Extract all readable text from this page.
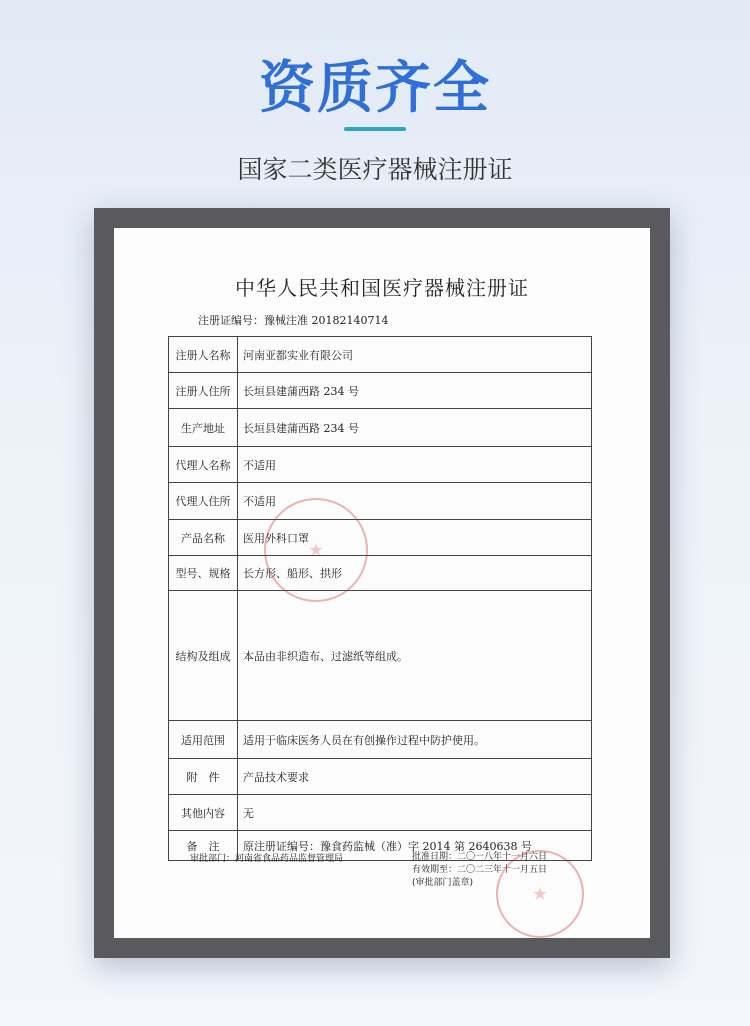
资质齐全
国家二类医疗器械注册证
中华人民共和国医疗器械注册证
注册证编号：豫械注准 20182140714
注册人名称	河南亚都实业有限公司
注册人住所	长垣县建蒲西路 234 号
生产地址	长垣县建蒲西路 234 号
代理人名称	不适用
代理人住所	不适用
产品名称	医用外科口罩
型号、规格	长方形、船形、拱形
结构及组成	本品由非织造布、过滤纸等组成。
适用范围	适用于临床医务人员在有创操作过程中防护使用。
附　件	产品技术要求
其他内容	无
备　注	原注册证编号：豫食药监械（准）字 2014 第 2640638 号
审批部门：河南省食品药品监督管理局	批准日期：二〇一八年十一月六日
有效期至：二〇二三年十一月五日
(审批部门盖章)
